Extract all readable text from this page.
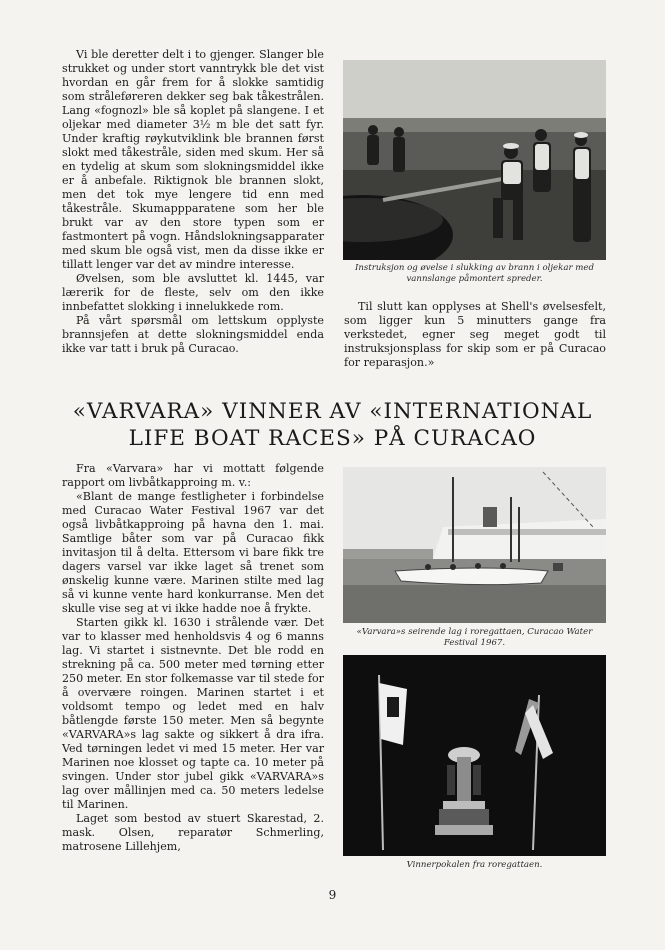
Vi ble deretter delt i to gjenger. Slanger ble strukket og under stort vanntrykk ble det vist hvordan en går frem for å slokke samtidig som stråleføreren dekker seg bak tåkestrålen. Lang «fognozl» ble så koplet på slangene. I et oljekar med diameter 3½ m ble det satt fyr. Under kraftig røykutviklink ble brannen først slokt med tåkestråle, siden med skum. Her så en tydelig at skum som slokningsmiddel ikke er å anbefale. Riktignok ble brannen slokt, men det tok mye lengere tid enn med tåkestråle. Skumappparatene som her ble brukt var av den store typen som er fastmontert på vogn. Håndslokningsapparater med skum ble også vist, men da disse ikke er tillatt lenger var det av mindre interesse.

Øvelsen, som ble avsluttet kl. 1445, var lærerik for de fleste, selv om den ikke innbefattet slokking i innelukkede rom.

På vårt spørsmål om lettskum opplyste brannsjefen at dette slokningsmiddel enda ikke var tatt i bruk på Curacao.

Instruksjon og øvelse i slukking av brann i oljekar med vannslange påmontert spreder.

Til slutt kan opplyses at Shell's øvelsesfelt, som ligger kun 5 minutters gange fra verkstedet, egner seg meget godt til instruksjonsplass for skip som er på Curacao for reparasjon.»

«VARVARA» VINNER AV «INTERNATIONAL
LIFE BOAT RACES» PÅ CURACAO

Fra «Varvara» har vi mottatt følgende rapport om livbåtkapproing m. v.:

«Blant de mange festligheter i forbindelse med Curacao Water Festival 1967 var det også livbåtkapproing på havna den 1. mai. Samtlige båter som var på Curacao fikk invitasjon til å delta. Ettersom vi bare fikk tre dagers varsel var ikke laget så trenet som ønskelig kunne være. Marinen stilte med lag så vi kunne vente hard konkurranse. Men det skulle vise seg at vi ikke hadde noe å frykte.

Starten gikk kl. 1630 i strålende vær. Det var to klasser med henholdsvis 4 og 6 manns lag. Vi startet i sistnevnte. Det ble rodd en strekning på ca. 500 meter med tørning etter 250 meter. En stor folkemasse var til stede for å overvære roingen. Marinen startet i et voldsomt tempo og ledet med en halv båtlengde første 150 meter. Men så begynte «VARVARA»s lag sakte og sikkert å dra ifra. Ved tørningen ledet vi med 15 meter. Her var Marinen noe klosset og tapte ca. 10 meter på svingen. Under stor jubel gikk «VARVARA»s lag over mållinjen med ca. 50 meters ledelse til Marinen.

Laget som bestod av stuert Skarestad, 2. mask. Olsen, reparatør Schmerling, matrosene Lillehjem,

«Varvara»s seirende lag i roregattaen, Curacao Water Festival 1967.
Vinnerpokalen fra roregattaen.
9
